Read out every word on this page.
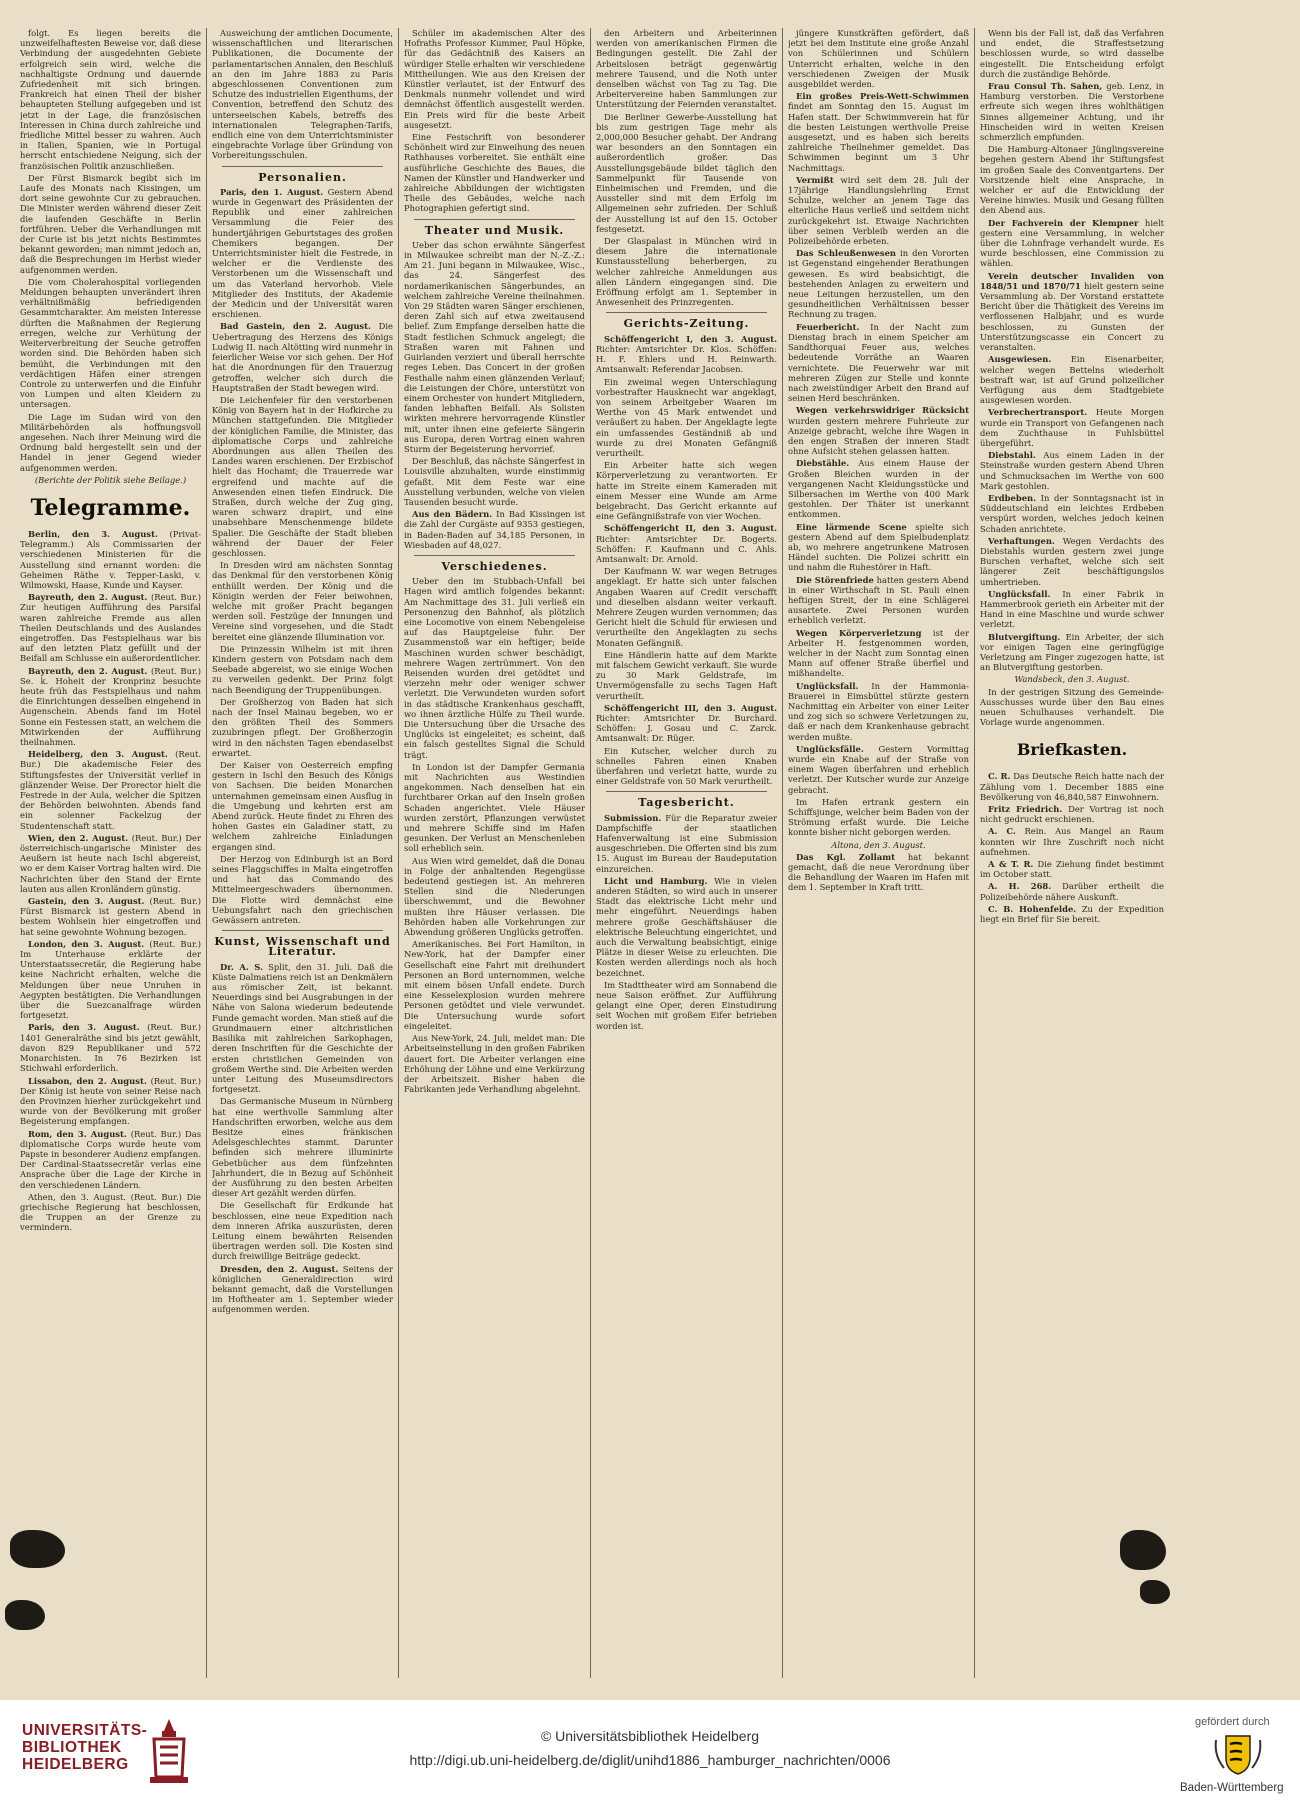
folgt. Es liegen bereits die unzweifelhaftesten Beweise vor, daß diese Verbindung der ausgedehnten Gebiete erfolgreich sein wird, welche die nachhaltigste Ordnung und dauernde Zufriedenheit mit sich bringen. Frankreich hat einen Theil der bisher behaupteten Stellung aufgegeben und ist jetzt in der Lage, die französischen Interessen in China durch zahlreiche und friedliche Mittel besser zu wahren. Auch in Italien, Spanien, wie in Portugal herrscht entschiedene Neigung, sich der französischen Politik anzuschließen.

Der Fürst Bismarck begibt sich im Laufe des Monats nach Kissingen, um dort seine gewohnte Cur zu gebrauchen. Die Minister werden während dieser Zeit die laufenden Geschäfte in Berlin fortführen. Ueber die Verhandlungen mit der Curie ist bis jetzt nichts Bestimmtes bekannt geworden; man nimmt jedoch an, daß die Besprechungen im Herbst wieder aufgenommen werden.

Die vom Cholerahospital vorliegenden Meldungen behaupten unverändert ihren verhältnißmäßig befriedigenden Gesammtcharakter. Am meisten Interesse dürften die Maßnahmen der Regierung erregen, welche zur Verhütung der Weiterverbreitung der Seuche getroffen worden sind. Die Behörden haben sich bemüht, die Verbindungen mit den verdächtigen Häfen einer strengen Controle zu unterwerfen und die Einfuhr von Lumpen und alten Kleidern zu untersagen.

Die Lage im Sudan wird von den Militärbehörden als hoffnungsvoll angesehen. Nach ihrer Meinung wird die Ordnung bald hergestellt sein und der Handel in jener Gegend wieder aufgenommen werden.

(Berichte der Politik siehe Beilage.)

Telegramme.

Berlin, den 3. August. (Privat-Telegramm.) Als Commissarien der verschiedenen Ministerien für die Ausstellung sind ernannt worden: die Geheimen Räthe v. Tepper-Laski, v. Wilmowski, Haase, Kunde und Kayser.

Bayreuth, den 2. August. (Reut. Bur.) Zur heutigen Aufführung des Parsifal waren zahlreiche Fremde aus allen Theilen Deutschlands und des Auslandes eingetroffen. Das Festspielhaus war bis auf den letzten Platz gefüllt und der Beifall am Schlusse ein außerordentlicher.

Bayreuth, den 2. August. (Reut. Bur.) Se. k. Hoheit der Kronprinz besuchte heute früh das Festspielhaus und nahm die Einrichtungen desselben eingehend in Augenschein. Abends fand im Hotel Sonne ein Festessen statt, an welchem die Mitwirkenden der Aufführung theilnahmen.

Heidelberg, den 3. August. (Reut. Bur.) Die akademische Feier des Stiftungsfestes der Universität verlief in glänzender Weise. Der Prorector hielt die Festrede in der Aula, welcher die Spitzen der Behörden beiwohnten. Abends fand ein solenner Fackelzug der Studentenschaft statt.

Wien, den 2. August. (Reut. Bur.) Der österreichisch-ungarische Minister des Aeußern ist heute nach Ischl abgereist, wo er dem Kaiser Vortrag halten wird. Die Nachrichten über den Stand der Ernte lauten aus allen Kronländern günstig.

Gastein, den 3. August. (Reut. Bur.) Fürst Bismarck ist gestern Abend in bestem Wohlsein hier eingetroffen und hat seine gewohnte Wohnung bezogen.

London, den 3. August. (Reut. Bur.) Im Unterhause erklärte der Unterstaatssecretär, die Regierung habe keine Nachricht erhalten, welche die Meldungen über neue Unruhen in Aegypten bestätigten. Die Verhandlungen über die Suezcanalfrage würden fortgesetzt.

Paris, den 3. August. (Reut. Bur.) 1401 Generalräthe sind bis jetzt gewählt, davon 829 Republikaner und 572 Monarchisten. In 76 Bezirken ist Stichwahl erforderlich.

Lissabon, den 2. August. (Reut. Bur.) Der König ist heute von seiner Reise nach den Provinzen hierher zurückgekehrt und wurde von der Bevölkerung mit großer Begeisterung empfangen.

Rom, den 3. August. (Reut. Bur.) Das diplomatische Corps wurde heute vom Papste in besonderer Audienz empfangen. Der Cardinal-Staatssecretär verlas eine Ansprache über die Lage der Kirche in den verschiedenen Ländern.

Athen, den 3. August. (Reut. Bur.) Die griechische Regierung hat beschlossen, die Truppen an der Grenze zu vermindern.

Ausweichung der amtlichen Documente, wissenschaftlichen und literarischen Publikationen, die Documente der parlamentarischen Annalen, den Beschluß an den im Jahre 1883 zu Paris abgeschlossenen Conventionen zum Schutze des industriellen Eigenthums, der Convention, betreffend den Schutz des unterseeischen Kabels, betreffs des internationalen Telegraphen-Tarifs, endlich eine von dem Unterrichtsminister eingebrachte Vorlage über Gründung von Vorbereitungsschulen.

Personalien.

Paris, den 1. August. Gestern Abend wurde in Gegenwart des Präsidenten der Republik und einer zahlreichen Versammlung die Feier des hundertjährigen Geburtstages des großen Chemikers begangen. Der Unterrichtsminister hielt die Festrede, in welcher er die Verdienste des Verstorbenen um die Wissenschaft und um das Vaterland hervorhob. Viele Mitglieder des Instituts, der Akademie der Medicin und der Universität waren erschienen.

Bad Gastein, den 2. August. Die Uebertragung des Herzens des Königs Ludwig II. nach Altötting wird nunmehr in feierlicher Weise vor sich gehen. Der Hof hat die Anordnungen für den Trauerzug getroffen, welcher sich durch die Hauptstraßen der Stadt bewegen wird.

Die Leichenfeier für den verstorbenen König von Bayern hat in der Hofkirche zu München stattgefunden. Die Mitglieder der königlichen Familie, die Minister, das diplomatische Corps und zahlreiche Abordnungen aus allen Theilen des Landes waren erschienen. Der Erzbischof hielt das Hochamt; die Trauerrede war ergreifend und machte auf die Anwesenden einen tiefen Eindruck. Die Straßen, durch welche der Zug ging, waren schwarz drapirt, und eine unabsehbare Menschenmenge bildete Spalier. Die Geschäfte der Stadt blieben während der Dauer der Feier geschlossen.

In Dresden wird am nächsten Sonntag das Denkmal für den verstorbenen König enthüllt werden. Der König und die Königin werden der Feier beiwohnen, welche mit großer Pracht begangen werden soll. Festzüge der Innungen und Vereine sind vorgesehen, und die Stadt bereitet eine glänzende Illumination vor.

Die Prinzessin Wilhelm ist mit ihren Kindern gestern von Potsdam nach dem Seebade abgereist, wo sie einige Wochen zu verweilen gedenkt. Der Prinz folgt nach Beendigung der Truppenübungen.

Der Großherzog von Baden hat sich nach der Insel Mainau begeben, wo er den größten Theil des Sommers zuzubringen pflegt. Der Großherzogin wird in den nächsten Tagen ebendaselbst erwartet.

Der Kaiser von Oesterreich empfing gestern in Ischl den Besuch des Königs von Sachsen. Die beiden Monarchen unternahmen gemeinsam einen Ausflug in die Umgebung und kehrten erst am Abend zurück. Heute findet zu Ehren des hohen Gastes ein Galadiner statt, zu welchem zahlreiche Einladungen ergangen sind.

Der Herzog von Edinburgh ist an Bord seines Flaggschiffes in Malta eingetroffen und hat das Commando des Mittelmeergeschwaders übernommen. Die Flotte wird demnächst eine Uebungsfahrt nach den griechischen Gewässern antreten.

Kunst, Wissenschaft und Literatur.

Dr. A. S. Split, den 31. Juli. Daß die Küste Dalmatiens reich ist an Denkmälern aus römischer Zeit, ist bekannt. Neuerdings sind bei Ausgrabungen in der Nähe von Salona wiederum bedeutende Funde gemacht worden. Man stieß auf die Grundmauern einer altchristlichen Basilika mit zahlreichen Sarkophagen, deren Inschriften für die Geschichte der ersten christlichen Gemeinden von großem Werthe sind. Die Arbeiten werden unter Leitung des Museumsdirectors fortgesetzt.

Das Germanische Museum in Nürnberg hat eine werthvolle Sammlung alter Handschriften erworben, welche aus dem Besitze eines fränkischen Adelsgeschlechtes stammt. Darunter befinden sich mehrere illuminirte Gebetbücher aus dem fünfzehnten Jahrhundert, die in Bezug auf Schönheit der Ausführung zu den besten Arbeiten dieser Art gezählt werden dürfen.

Die Gesellschaft für Erdkunde hat beschlossen, eine neue Expedition nach dem inneren Afrika auszurüsten, deren Leitung einem bewährten Reisenden übertragen werden soll. Die Kosten sind durch freiwillige Beiträge gedeckt.

Dresden, den 2. August. Seitens der königlichen Generaldirection wird bekannt gemacht, daß die Vorstellungen im Hoftheater am 1. September wieder aufgenommen werden.

Schüler im akademischen Alter des Hofraths Professor Kummer, Paul Höpke, für das Gedächtniß des Kaisers an würdiger Stelle erhalten wir verschiedene Mittheilungen. Wie aus den Kreisen der Künstler verlautet, ist der Entwurf des Denkmals nunmehr vollendet und wird demnächst öffentlich ausgestellt werden. Ein Preis wird für die beste Arbeit ausgesetzt.

Eine Festschrift von besonderer Schönheit wird zur Einweihung des neuen Rathhauses vorbereitet. Sie enthält eine ausführliche Geschichte des Baues, die Namen der Künstler und Handwerker und zahlreiche Abbildungen der wichtigsten Theile des Gebäudes, welche nach Photographien gefertigt sind.

Theater und Musik.

Ueber das schon erwähnte Sängerfest in Milwaukee schreibt man der N.-Z.-Z.: Am 21. Juni begann in Milwaukee, Wisc., das 24. Sängerfest des nordamerikanischen Sängerbundes, an welchem zahlreiche Vereine theilnahmen. Von 29 Städten waren Sänger erschienen, deren Zahl sich auf etwa zweitausend belief. Zum Empfange derselben hatte die Stadt festlichen Schmuck angelegt; die Straßen waren mit Fahnen und Guirlanden verziert und überall herrschte reges Leben. Das Concert in der großen Festhalle nahm einen glänzenden Verlauf; die Leistungen der Chöre, unterstützt von einem Orchester von hundert Mitgliedern, fanden lebhaften Beifall. Als Solisten wirkten mehrere hervorragende Künstler mit, unter ihnen eine gefeierte Sängerin aus Europa, deren Vortrag einen wahren Sturm der Begeisterung hervorrief.

Der Beschluß, das nächste Sängerfest in Louisville abzuhalten, wurde einstimmig gefaßt. Mit dem Feste war eine Ausstellung verbunden, welche von vielen Tausenden besucht wurde.

Aus den Bädern. In Bad Kissingen ist die Zahl der Curgäste auf 9353 gestiegen, in Baden-Baden auf 34,185 Personen, in Wiesbaden auf 48,027.

Verschiedenes.

Ueber den im Stubbach-Unfall bei Hagen wird amtlich folgendes bekannt: Am Nachmittage des 31. Juli verließ ein Personenzug den Bahnhof, als plötzlich eine Locomotive von einem Nebengeleise auf das Hauptgeleise fuhr. Der Zusammenstoß war ein heftiger; beide Maschinen wurden schwer beschädigt, mehrere Wagen zertrümmert. Von den Reisenden wurden drei getödtet und vierzehn mehr oder weniger schwer verletzt. Die Verwundeten wurden sofort in das städtische Krankenhaus geschafft, wo ihnen ärztliche Hülfe zu Theil wurde. Die Untersuchung über die Ursache des Unglücks ist eingeleitet; es scheint, daß ein falsch gestelltes Signal die Schuld trägt.

In London ist der Dampfer Germania mit Nachrichten aus Westindien angekommen. Nach denselben hat ein furchtbarer Orkan auf den Inseln großen Schaden angerichtet. Viele Häuser wurden zerstört, Pflanzungen verwüstet und mehrere Schiffe sind im Hafen gesunken. Der Verlust an Menschenleben soll erheblich sein.

Aus Wien wird gemeldet, daß die Donau in Folge der anhaltenden Regengüsse bedeutend gestiegen ist. An mehreren Stellen sind die Niederungen überschwemmt, und die Bewohner mußten ihre Häuser verlassen. Die Behörden haben alle Vorkehrungen zur Abwendung größeren Unglücks getroffen.

Amerikanisches. Bei Fort Hamilton, in New-York, hat der Dampfer einer Gesellschaft eine Fahrt mit dreihundert Personen an Bord unternommen, welche mit einem bösen Unfall endete. Durch eine Kesselexplosion wurden mehrere Personen getödtet und viele verwundet. Die Untersuchung wurde sofort eingeleitet.

Aus New-York, 24. Juli, meldet man: Die Arbeitseinstellung in den großen Fabriken dauert fort. Die Arbeiter verlangen eine Erhöhung der Löhne und eine Verkürzung der Arbeitszeit. Bisher haben die Fabrikanten jede Verhandlung abgelehnt.

den Arbeitern und Arbeiterinnen werden von amerikanischen Firmen die Bedingungen gestellt. Die Zahl der Arbeitslosen beträgt gegenwärtig mehrere Tausend, und die Noth unter denselben wächst von Tag zu Tag. Die Arbeitervereine haben Sammlungen zur Unterstützung der Feiernden veranstaltet.

Die Berliner Gewerbe-Ausstellung hat bis zum gestrigen Tage mehr als 2,000,000 Besucher gehabt. Der Andrang war besonders an den Sonntagen ein außerordentlich großer. Das Ausstellungsgebäude bildet täglich den Sammelpunkt für Tausende von Einheimischen und Fremden, und die Aussteller sind mit dem Erfolg im Allgemeinen sehr zufrieden. Der Schluß der Ausstellung ist auf den 15. October festgesetzt.

Der Glaspalast in München wird in diesem Jahre die internationale Kunstausstellung beherbergen, zu welcher zahlreiche Anmeldungen aus allen Ländern eingegangen sind. Die Eröffnung erfolgt am 1. September in Anwesenheit des Prinzregenten.

Gerichts-Zeitung.

Schöffengericht I, den 3. August. Richter: Amtsrichter Dr. Klos. Schöffen: H. F. Ehlers und H. Reinwarth. Amtsanwalt: Referendar Jacobsen.

Ein zweimal wegen Unterschlagung vorbestrafter Hausknecht war angeklagt, von seinem Arbeitgeber Waaren im Werthe von 45 Mark entwendet und veräußert zu haben. Der Angeklagte legte ein umfassendes Geständniß ab und wurde zu drei Monaten Gefängniß verurtheilt.

Ein Arbeiter hatte sich wegen Körperverletzung zu verantworten. Er hatte im Streite einem Kameraden mit einem Messer eine Wunde am Arme beigebracht. Das Gericht erkannte auf eine Gefängnißstrafe von vier Wochen.

Schöffengericht II, den 3. August. Richter: Amtsrichter Dr. Bogerts. Schöffen: F. Kaufmann und C. Ahls. Amtsanwalt: Dr. Arnold.

Der Kaufmann W. war wegen Betruges angeklagt. Er hatte sich unter falschen Angaben Waaren auf Credit verschafft und dieselben alsdann weiter verkauft. Mehrere Zeugen wurden vernommen; das Gericht hielt die Schuld für erwiesen und verurtheilte den Angeklagten zu sechs Monaten Gefängniß.

Eine Händlerin hatte auf dem Markte mit falschem Gewicht verkauft. Sie wurde zu 30 Mark Geldstrafe, im Unvermögensfalle zu sechs Tagen Haft verurtheilt.

Schöffengericht III, den 3. August. Richter: Amtsrichter Dr. Burchard. Schöffen: J. Gosau und C. Zarck. Amtsanwalt: Dr. Rüger.

Ein Kutscher, welcher durch zu schnelles Fahren einen Knaben überfahren und verletzt hatte, wurde zu einer Geldstrafe von 50 Mark verurtheilt.

Tagesbericht.

Submission. Für die Reparatur zweier Dampfschiffe der staatlichen Hafenverwaltung ist eine Submission ausgeschrieben. Die Offerten sind bis zum 15. August im Bureau der Baudeputation einzureichen.

Licht und Hamburg. Wie in vielen anderen Städten, so wird auch in unserer Stadt das elektrische Licht mehr und mehr eingeführt. Neuerdings haben mehrere große Geschäftshäuser die elektrische Beleuchtung eingerichtet, und auch die Verwaltung beabsichtigt, einige Plätze in dieser Weise zu erleuchten. Die Kosten werden allerdings noch als hoch bezeichnet.

Im Stadttheater wird am Sonnabend die neue Saison eröffnet. Zur Aufführung gelangt eine Oper, deren Einstudirung seit Wochen mit großem Eifer betrieben worden ist.

jüngere Kunstkräften gefördert, daß jetzt bei dem Institute eine große Anzahl von Schülerinnen und Schülern Unterricht erhalten, welche in den verschiedenen Zweigen der Musik ausgebildet werden.

Ein großes Preis-Wett-Schwimmen findet am Sonntag den 15. August im Hafen statt. Der Schwimmverein hat für die besten Leistungen werthvolle Preise ausgesetzt, und es haben sich bereits zahlreiche Theilnehmer gemeldet. Das Schwimmen beginnt um 3 Uhr Nachmittags.

Vermißt wird seit dem 28. Juli der 17jährige Handlungslehrling Ernst Schulze, welcher an jenem Tage das elterliche Haus verließ und seitdem nicht zurückgekehrt ist. Etwaige Nachrichten über seinen Verbleib werden an die Polizeibehörde erbeten.

Das Schleußenwesen in den Vororten ist Gegenstand eingehender Berathungen gewesen. Es wird beabsichtigt, die bestehenden Anlagen zu erweitern und neue Leitungen herzustellen, um den gesundheitlichen Verhältnissen besser Rechnung zu tragen.

Feuerbericht. In der Nacht zum Dienstag brach in einem Speicher am Sandthorquai Feuer aus, welches bedeutende Vorräthe an Waaren vernichtete. Die Feuerwehr war mit mehreren Zügen zur Stelle und konnte nach zweistündiger Arbeit den Brand auf seinen Herd beschränken.

Wegen verkehrswidriger Rücksicht wurden gestern mehrere Fuhrleute zur Anzeige gebracht, welche ihre Wagen in den engen Straßen der inneren Stadt ohne Aufsicht stehen gelassen hatten.

Diebstähle. Aus einem Hause der Großen Bleichen wurden in der vergangenen Nacht Kleidungsstücke und Silbersachen im Werthe von 400 Mark gestohlen. Der Thäter ist unerkannt entkommen.

Eine lärmende Scene spielte sich gestern Abend auf dem Spielbudenplatz ab, wo mehrere angetrunkene Matrosen Händel suchten. Die Polizei schritt ein und nahm die Ruhestörer in Haft.

Die Störenfriede hatten gestern Abend in einer Wirthschaft in St. Pauli einen heftigen Streit, der in eine Schlägerei ausartete. Zwei Personen wurden erheblich verletzt.

Wegen Körperverletzung ist der Arbeiter H. festgenommen worden, welcher in der Nacht zum Sonntag einen Mann auf offener Straße überfiel und mißhandelte.

Unglücksfall. In der Hammonia-Brauerei in Eimsbüttel stürzte gestern Nachmittag ein Arbeiter von einer Leiter und zog sich so schwere Verletzungen zu, daß er nach dem Krankenhause gebracht werden mußte.

Unglücksfälle. Gestern Vormittag wurde ein Knabe auf der Straße von einem Wagen überfahren und erheblich verletzt. Der Kutscher wurde zur Anzeige gebracht.

Im Hafen ertrank gestern ein Schiffsjunge, welcher beim Baden von der Strömung erfaßt wurde. Die Leiche konnte bisher nicht geborgen werden.

Altona, den 3. August.

Das Kgl. Zollamt hat bekannt gemacht, daß die neue Verordnung über die Behandlung der Waaren im Hafen mit dem 1. September in Kraft tritt.

Wenn bis der Fall ist, daß das Verfahren und endet, die Straffestsetzung beschlossen wurde, so wird dasselbe eingestellt. Die Entscheidung erfolgt durch die zuständige Behörde.

Frau Consul Th. Sahen, geb. Lenz, in Hamburg verstorben. Die Verstorbene erfreute sich wegen ihres wohlthätigen Sinnes allgemeiner Achtung, und ihr Hinscheiden wird in weiten Kreisen schmerzlich empfunden.

Die Hamburg-Altonaer Jünglingsvereine begehen gestern Abend ihr Stiftungsfest im großen Saale des Conventgartens. Der Vorsitzende hielt eine Ansprache, in welcher er auf die Entwicklung der Vereine hinwies. Musik und Gesang füllten den Abend aus.

Der Fachverein der Klempner hielt gestern eine Versammlung, in welcher über die Lohnfrage verhandelt wurde. Es wurde beschlossen, eine Commission zu wählen.

Verein deutscher Invaliden von 1848/51 und 1870/71 hielt gestern seine Versammlung ab. Der Vorstand erstattete Bericht über die Thätigkeit des Vereins im verflossenen Halbjahr, und es wurde beschlossen, zu Gunsten der Unterstützungscasse ein Concert zu veranstalten.

Ausgewiesen. Ein Eisenarbeiter, welcher wegen Bettelns wiederholt bestraft war, ist auf Grund polizeilicher Verfügung aus dem Stadtgebiete ausgewiesen worden.

Verbrechertransport. Heute Morgen wurde ein Transport von Gefangenen nach dem Zuchthause in Fuhlsbüttel übergeführt.

Diebstahl. Aus einem Laden in der Steinstraße wurden gestern Abend Uhren und Schmucksachen im Werthe von 600 Mark gestohlen.

Erdbeben. In der Sonntagsnacht ist in Süddeutschland ein leichtes Erdbeben verspürt worden, welches jedoch keinen Schaden anrichtete.

Verhaftungen. Wegen Verdachts des Diebstahls wurden gestern zwei junge Burschen verhaftet, welche sich seit längerer Zeit beschäftigungslos umhertrieben.

Unglücksfall. In einer Fabrik in Hammerbrook gerieth ein Arbeiter mit der Hand in eine Maschine und wurde schwer verletzt.

Blutvergiftung. Ein Arbeiter, der sich vor einigen Tagen eine geringfügige Verletzung am Finger zugezogen hatte, ist an Blutvergiftung gestorben.

Wandsbeck, den 3. August.

In der gestrigen Sitzung des Gemeinde-Ausschusses wurde über den Bau eines neuen Schulhauses verhandelt. Die Vorlage wurde angenommen.

Briefkasten.

C. R. Das Deutsche Reich hatte nach der Zählung vom 1. December 1885 eine Bevölkerung von 46,840,587 Einwohnern.

Fritz Friedrich. Der Vortrag ist noch nicht gedruckt erschienen.

A. C. Rein. Aus Mangel an Raum konnten wir Ihre Zuschrift noch nicht aufnehmen.

A & T. R. Die Ziehung findet bestimmt im October statt.

A. H. 268. Darüber ertheilt die Polizeibehörde nähere Auskunft.

C. B. Hohenfelde. Zu der Expedition liegt ein Brief für Sie bereit.

UNIVERSITÄTS-
BIBLIOTHEK
HEIDELBERG
© Universitätsbibliothek Heidelberg
http://digi.ub.uni-heidelberg.de/diglit/unihd1886_hamburger_nachrichten/0006
gefördert durch
Baden-Württemberg
